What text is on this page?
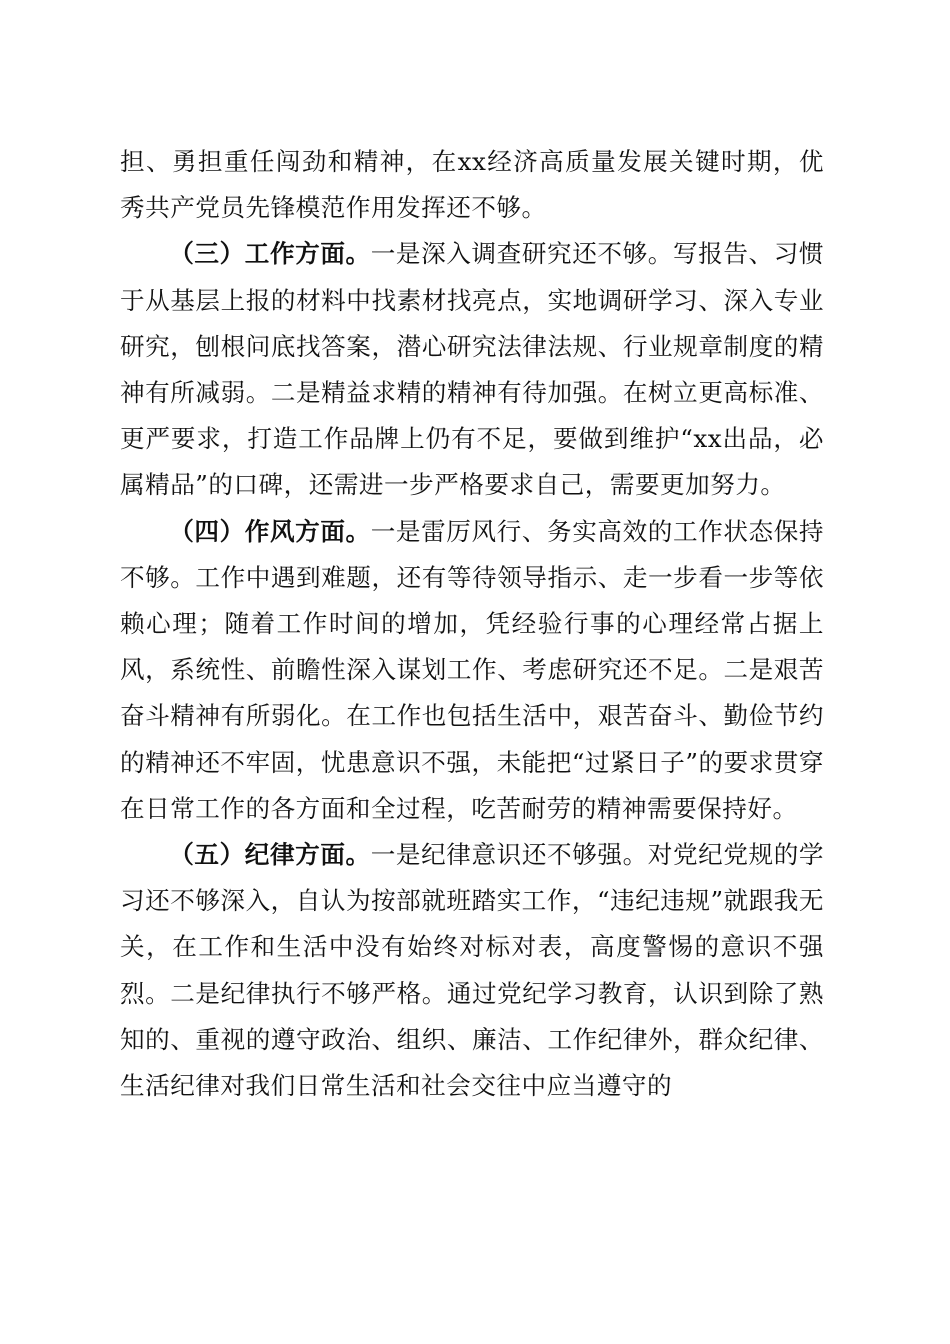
担、勇担重任闯劲和精神，在xx经济高质量发展关键时期，优秀共产党员先锋模范作用发挥还不够。

（三）工作方面。一是深入调查研究还不够。写报告、习惯于从基层上报的材料中找素材找亮点，实地调研学习、深入专业研究，刨根问底找答案，潜心研究法律法规、行业规章制度的精神有所减弱。二是精益求精的精神有待加强。在树立更高标准、更严要求，打造工作品牌上仍有不足，要做到维护“xx出品，必属精品”的口碑，还需进一步严格要求自己，需要更加努力。

（四）作风方面。一是雷厉风行、务实高效的工作状态保持不够。工作中遇到难题，还有等待领导指示、走一步看一步等依赖心理；随着工作时间的增加，凭经验行事的心理经常占据上风，系统性、前瞻性深入谋划工作、考虑研究还不足。二是艰苦奋斗精神有所弱化。在工作也包括生活中，艰苦奋斗、勤俭节约的精神还不牢固，忧患意识不强，未能把“过紧日子”的要求贯穿在日常工作的各方面和全过程，吃苦耐劳的精神需要保持好。

（五）纪律方面。一是纪律意识还不够强。对党纪党规的学习还不够深入，自认为按部就班踏实工作，“违纪违规”就跟我无关，在工作和生活中没有始终对标对表，高度警惕的意识不强烈。二是纪律执行不够严格。通过党纪学习教育，认识到除了熟知的、重视的遵守政治、组织、廉洁、工作纪律外，群众纪律、生活纪律对我们日常生活和社会交往中应当遵守的
